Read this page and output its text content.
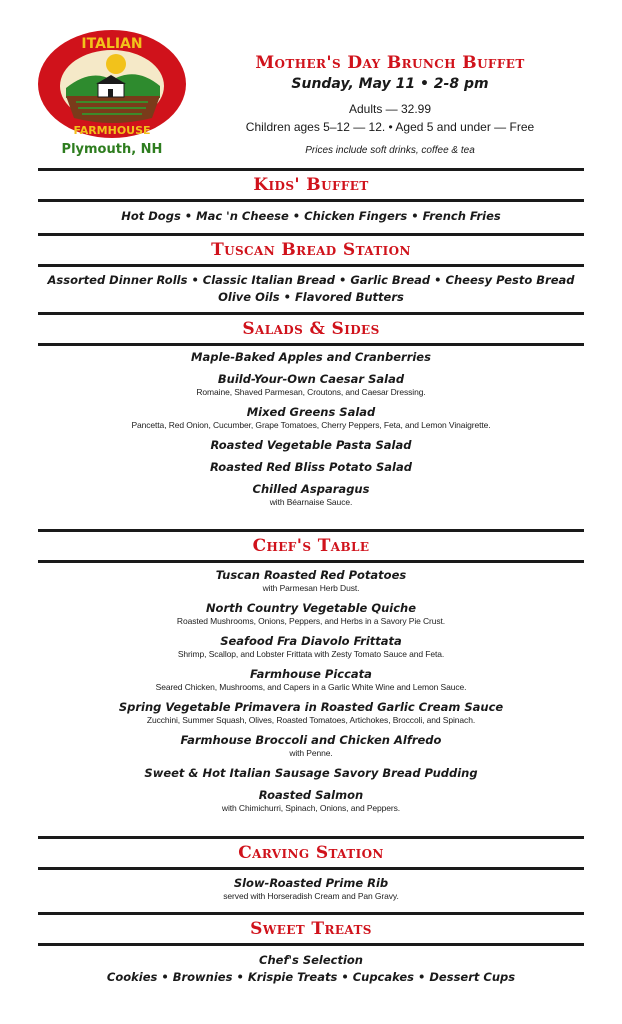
ITALIAN
FARMHOUSE
Plymouth, NH
Mother's Day Brunch Buffet
Sunday, May 11 • 2-8 pm
Adults — 32.99
Children ages 5–12 — 12. • Aged 5 and under — Free
Prices include soft drinks, coffee & tea
Kids' Buffet
Hot Dogs • Mac 'n Cheese • Chicken Fingers • French Fries
Tuscan Bread Station
Assorted Dinner Rolls • Classic Italian Bread • Garlic Bread • Cheesy Pesto Bread
Olive Oils • Flavored Butters
Salads & Sides
Maple-Baked Apples and Cranberries
Build-Your-Own Caesar Salad
Romaine, Shaved Parmesan, Croutons, and Caesar Dressing.
Mixed Greens Salad
Pancetta, Red Onion, Cucumber, Grape Tomatoes, Cherry Peppers, Feta, and Lemon Vinaigrette.
Roasted Vegetable Pasta Salad
Roasted Red Bliss Potato Salad
Chilled Asparagus
with Béarnaise Sauce.
Chef's Table
Tuscan Roasted Red Potatoes
with Parmesan Herb Dust.
North Country Vegetable Quiche
Roasted Mushrooms, Onions, Peppers, and Herbs in a Savory Pie Crust.
Seafood Fra Diavolo Frittata
Shrimp, Scallop, and Lobster Frittata with Zesty Tomato Sauce and Feta.
Farmhouse Piccata
Seared Chicken, Mushrooms, and Capers in a Garlic White Wine and Lemon Sauce.
Spring Vegetable Primavera in Roasted Garlic Cream Sauce
Zucchini, Summer Squash, Olives, Roasted Tomatoes, Artichokes, Broccoli, and Spinach.
Farmhouse Broccoli and Chicken Alfredo
with Penne.
Sweet & Hot Italian Sausage Savory Bread Pudding
Roasted Salmon
with Chimichurri, Spinach, Onions, and Peppers.
Carving Station
Slow-Roasted Prime Rib
served with Horseradish Cream and Pan Gravy.
Sweet Treats
Chef's Selection
Cookies • Brownies • Krispie Treats • Cupcakes • Dessert Cups
